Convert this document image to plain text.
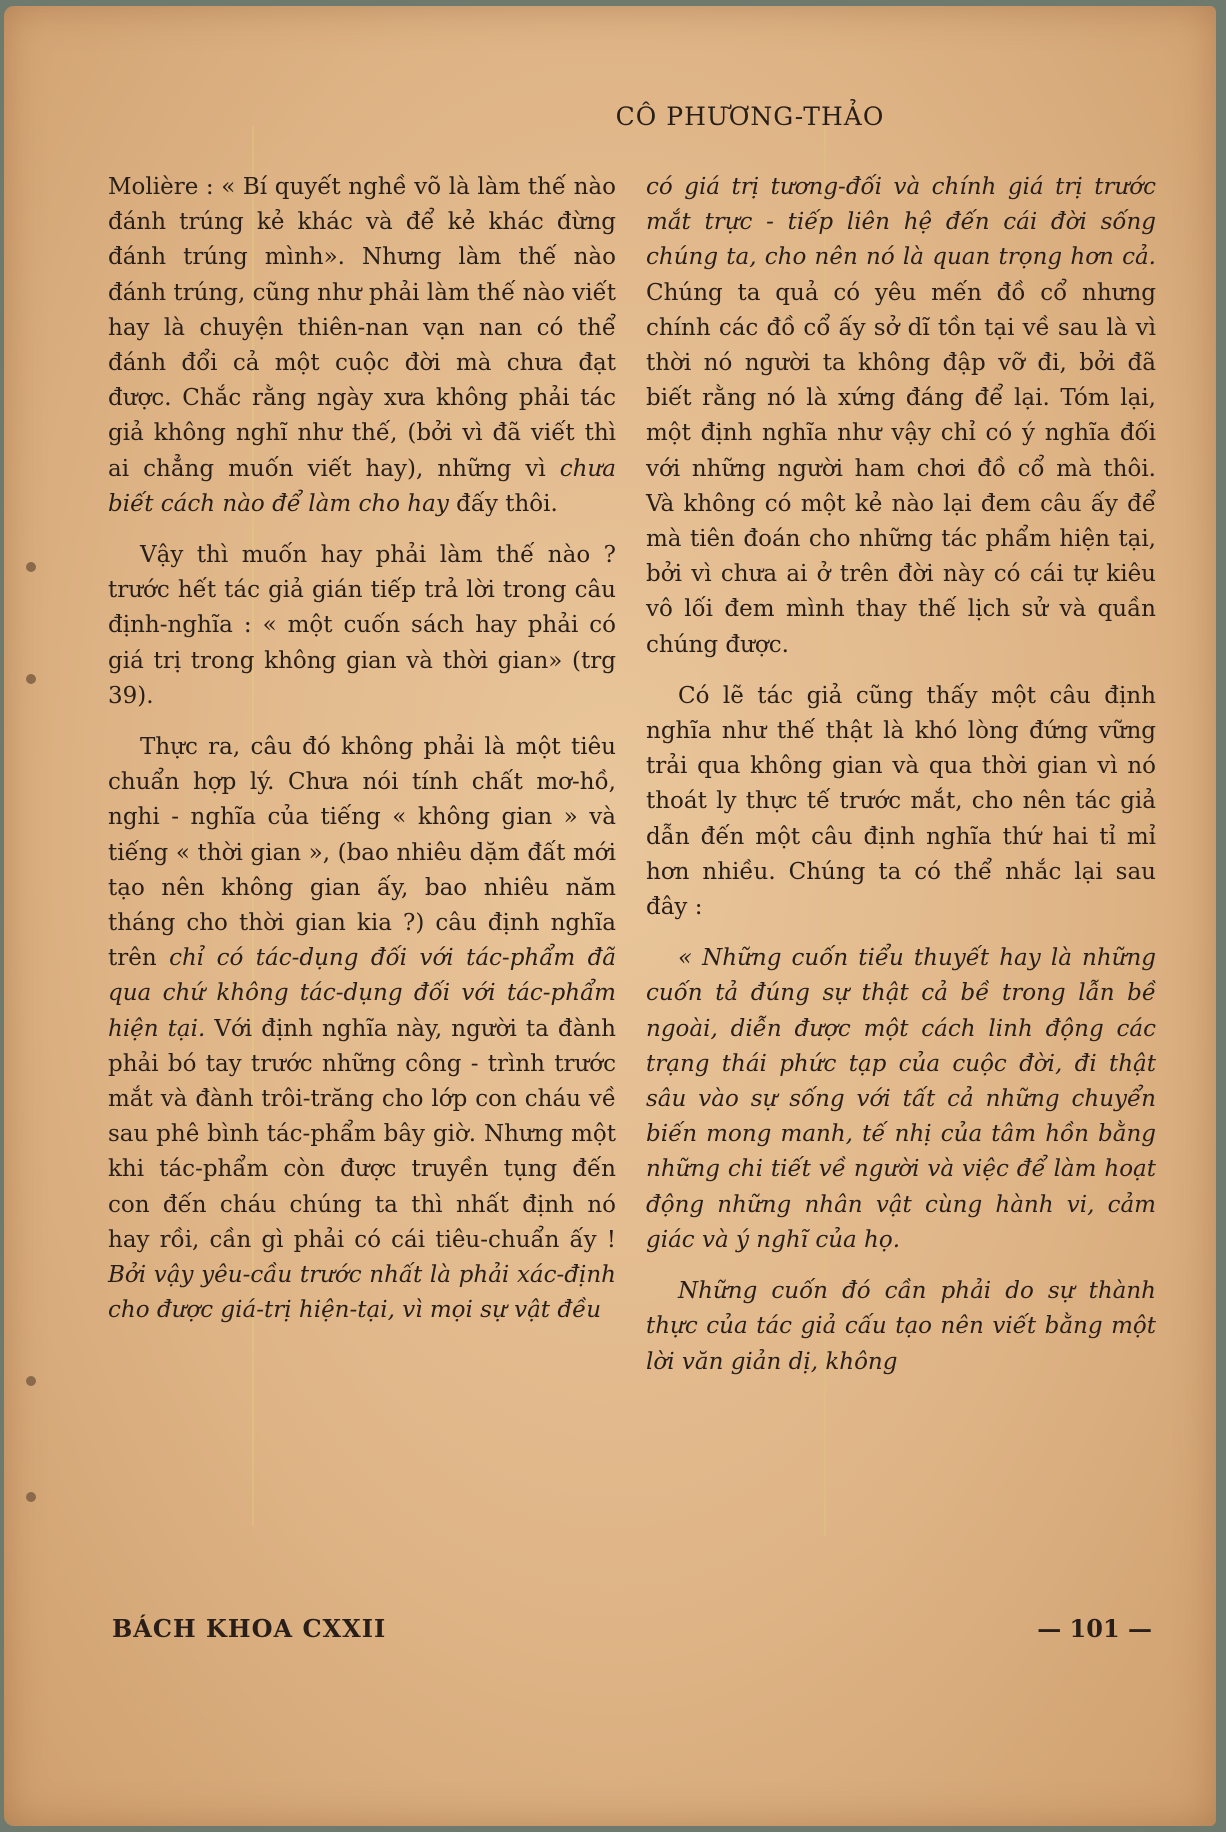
CÔ PHƯƠNG-THẢO

Molière : « Bí quyết nghề võ là làm thế nào đánh trúng kẻ khác và để kẻ khác đừng đánh trúng mình». Nhưng làm thế nào đánh trúng, cũng như phải làm thế nào viết hay là chuyện thiên-nan vạn nan có thể đánh đổi cả một cuộc đời mà chưa đạt được. Chắc rằng ngày xưa không phải tác giả không nghĩ như thế, (bởi vì đã viết thì ai chẳng muốn viết hay), những vì chưa biết cách nào để làm cho hay đấy thôi.

Vậy thì muốn hay phải làm thế nào ? trước hết tác giả gián tiếp trả lời trong câu định-nghĩa : « một cuốn sách hay phải có giá trị trong không gian và thời gian» (trg 39).

Thực ra, câu đó không phải là một tiêu chuẩn hợp lý. Chưa nói tính chất mơ-hồ, nghi - nghĩa của tiếng « không gian » và tiếng « thời gian », (bao nhiêu dặm đất mới tạo nên không gian ấy, bao nhiêu năm tháng cho thời gian kia ?) câu định nghĩa trên chỉ có tác-dụng đối với tác-phẩm đã qua chứ không tác-dụng đối với tác-phẩm hiện tại. Với định nghĩa này, người ta đành phải bó tay trước những công - trình trước mắt và đành trôi-trăng cho lớp con cháu về sau phê bình tác-phẩm bây giờ. Nhưng một khi tác-phẩm còn được truyền tụng đến con đến cháu chúng ta thì nhất định nó hay rồi, cần gì phải có cái tiêu-chuẩn ấy ! Bởi vậy yêu-cầu trước nhất là phải xác-định cho được giá-trị hiện-tại, vì mọi sự vật đều

có giá trị tương-đối và chính giá trị trước mắt trực - tiếp liên hệ đến cái đời sống chúng ta, cho nên nó là quan trọng hơn cả. Chúng ta quả có yêu mến đồ cổ nhưng chính các đồ cổ ấy sở dĩ tồn tại về sau là vì thời nó người ta không đập vỡ đi, bởi đã biết rằng nó là xứng đáng để lại. Tóm lại, một định nghĩa như vậy chỉ có ý nghĩa đối với những người ham chơi đồ cổ mà thôi. Và không có một kẻ nào lại đem câu ấy để mà tiên đoán cho những tác phẩm hiện tại, bởi vì chưa ai ở trên đời này có cái tự kiêu vô lối đem mình thay thế lịch sử và quần chúng được.

Có lẽ tác giả cũng thấy một câu định nghĩa như thế thật là khó lòng đứng vững trải qua không gian và qua thời gian vì nó thoát ly thực tế trước mắt, cho nên tác giả dẫn đến một câu định nghĩa thứ hai tỉ mỉ hơn nhiều. Chúng ta có thể nhắc lại sau đây :

« Những cuốn tiểu thuyết hay là những cuốn tả đúng sự thật cả bề trong lẫn bề ngoài, diễn được một cách linh động các trạng thái phức tạp của cuộc đời, đi thật sâu vào sự sống với tất cả những chuyển biến mong manh, tế nhị của tâm hồn bằng những chi tiết về người và việc để làm hoạt động những nhân vật cùng hành vi, cảm giác và ý nghĩ của họ.

Những cuốn đó cần phải do sự thành thực của tác giả cấu tạo nên viết bằng một lời văn giản dị, không

BÁCH KHOA CXXII	— 101 —
